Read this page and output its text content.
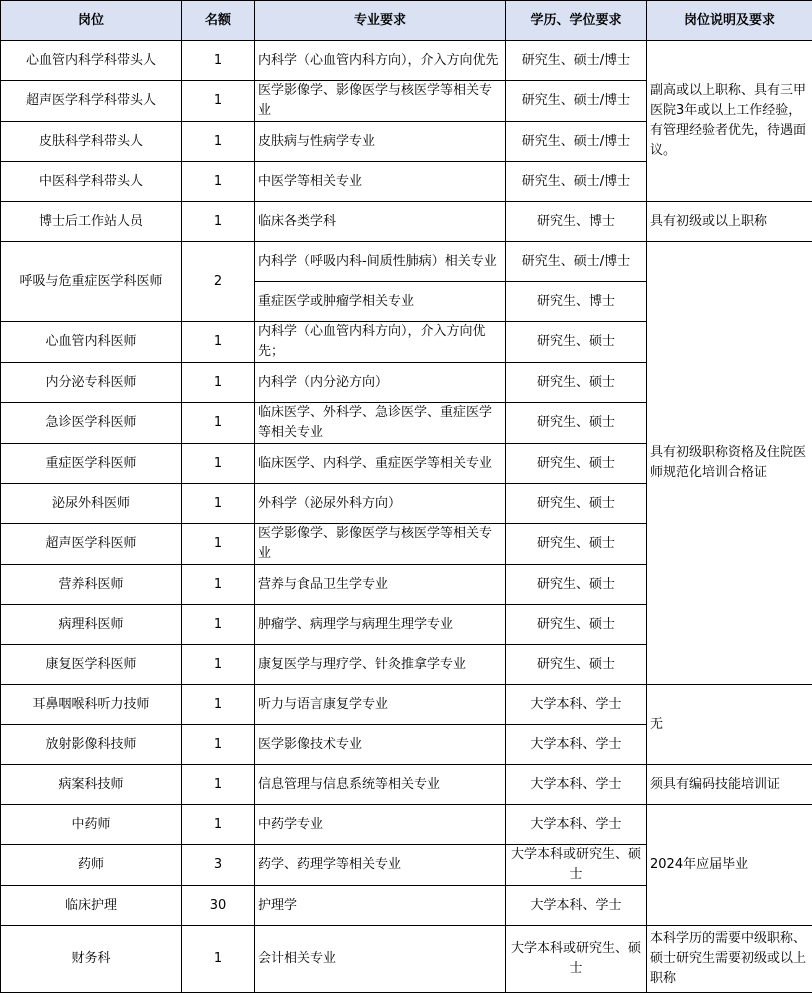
岗位	名额	专业要求	学历、学位要求	岗位说明及要求
心血管内科学科带头人	1	内科学（心血管内科方向），介入方向优先	研究生、硕士/博士	副高或以上职称、具有三甲医院3年或以上工作经验，有管理经验者优先，待遇面议。
超声医学科学科带头人	1	医学影像学、影像医学与核医学等相关专业	研究生、硕士/博士	
皮肤科学科带头人	1	皮肤病与性病学专业	研究生、硕士/博士	
中医科学科带头人	1	中医学等相关专业	研究生、硕士/博士	
博士后工作站人员	1	临床各类学科	研究生、博士	具有初级或以上职称
呼吸与危重症医学科医师	2	内科学（呼吸内科-间质性肺病）相关专业	研究生、硕士/博士	具有初级职称资格及住院医师规范化培训合格证
		重症医学或肿瘤学相关专业	研究生、博士	
心血管内科医师	1	内科学（心血管内科方向），介入方向优先；	研究生、硕士	
内分泌专科医师	1	内科学（内分泌方向）	研究生、硕士	
急诊医学科医师	1	临床医学、外科学、急诊医学、重症医学等相关专业	研究生、硕士	
重症医学科医师	1	临床医学、内科学、重症医学等相关专业	研究生、硕士	
泌尿外科医师	1	外科学（泌尿外科方向）	研究生、硕士	
超声医学科医师	1	医学影像学、影像医学与核医学等相关专业	研究生、硕士	
营养科医师	1	营养与食品卫生学专业	研究生、硕士	
病理科医师	1	肿瘤学、病理学与病理生理学专业	研究生、硕士	
康复医学科医师	1	康复医学与理疗学、针灸推拿学专业	研究生、硕士	
耳鼻咽喉科听力技师	1	听力与语言康复学专业	大学本科、学士	无
放射影像科技师	1	医学影像技术专业	大学本科、学士	
病案科技师	1	信息管理与信息系统等相关专业	大学本科、学士	须具有编码技能培训证
中药师	1	中药学专业	大学本科、学士	2024年应届毕业
药师	3	药学、药理学等相关专业	大学本科或研究生、硕士	
临床护理	30	护理学	大学本科、学士	
财务科	1	会计相关专业	大学本科或研究生、硕士	本科学历的需要中级职称、硕士研究生需要初级或以上职称
